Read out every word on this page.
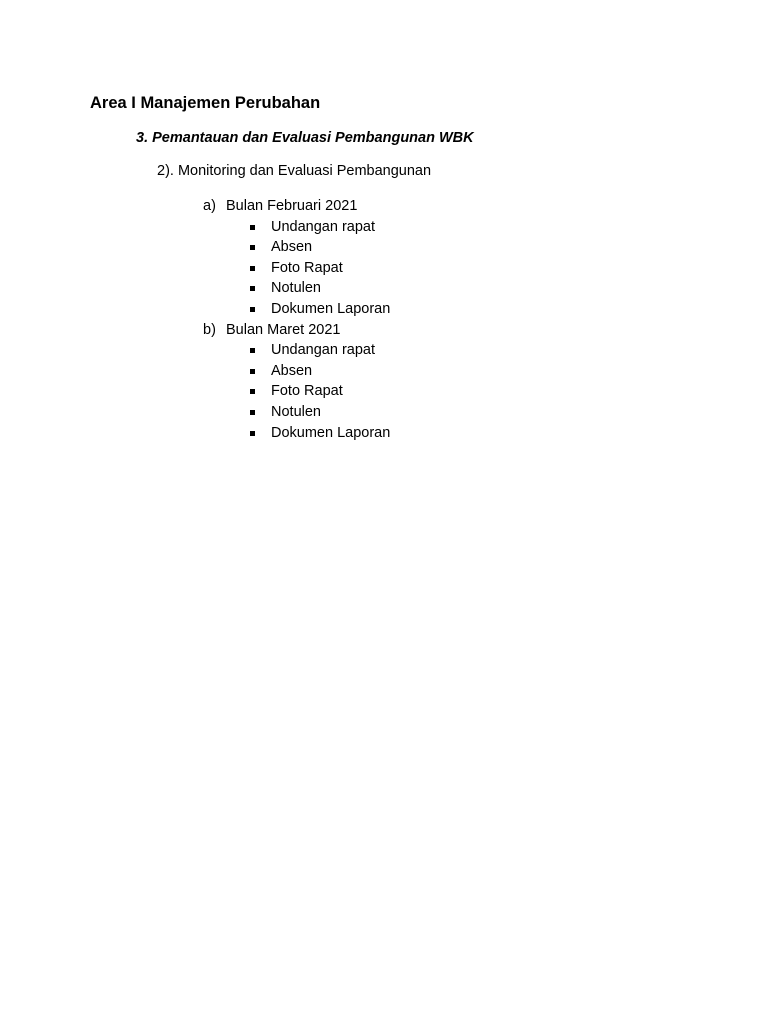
Area I Manajemen Perubahan
3. Pemantauan dan Evaluasi Pembangunan WBK
2). Monitoring dan Evaluasi Pembangunan
a) Bulan Februari 2021
Undangan rapat
Absen
Foto Rapat
Notulen
Dokumen Laporan
b) Bulan Maret 2021
Undangan rapat
Absen
Foto Rapat
Notulen
Dokumen Laporan
